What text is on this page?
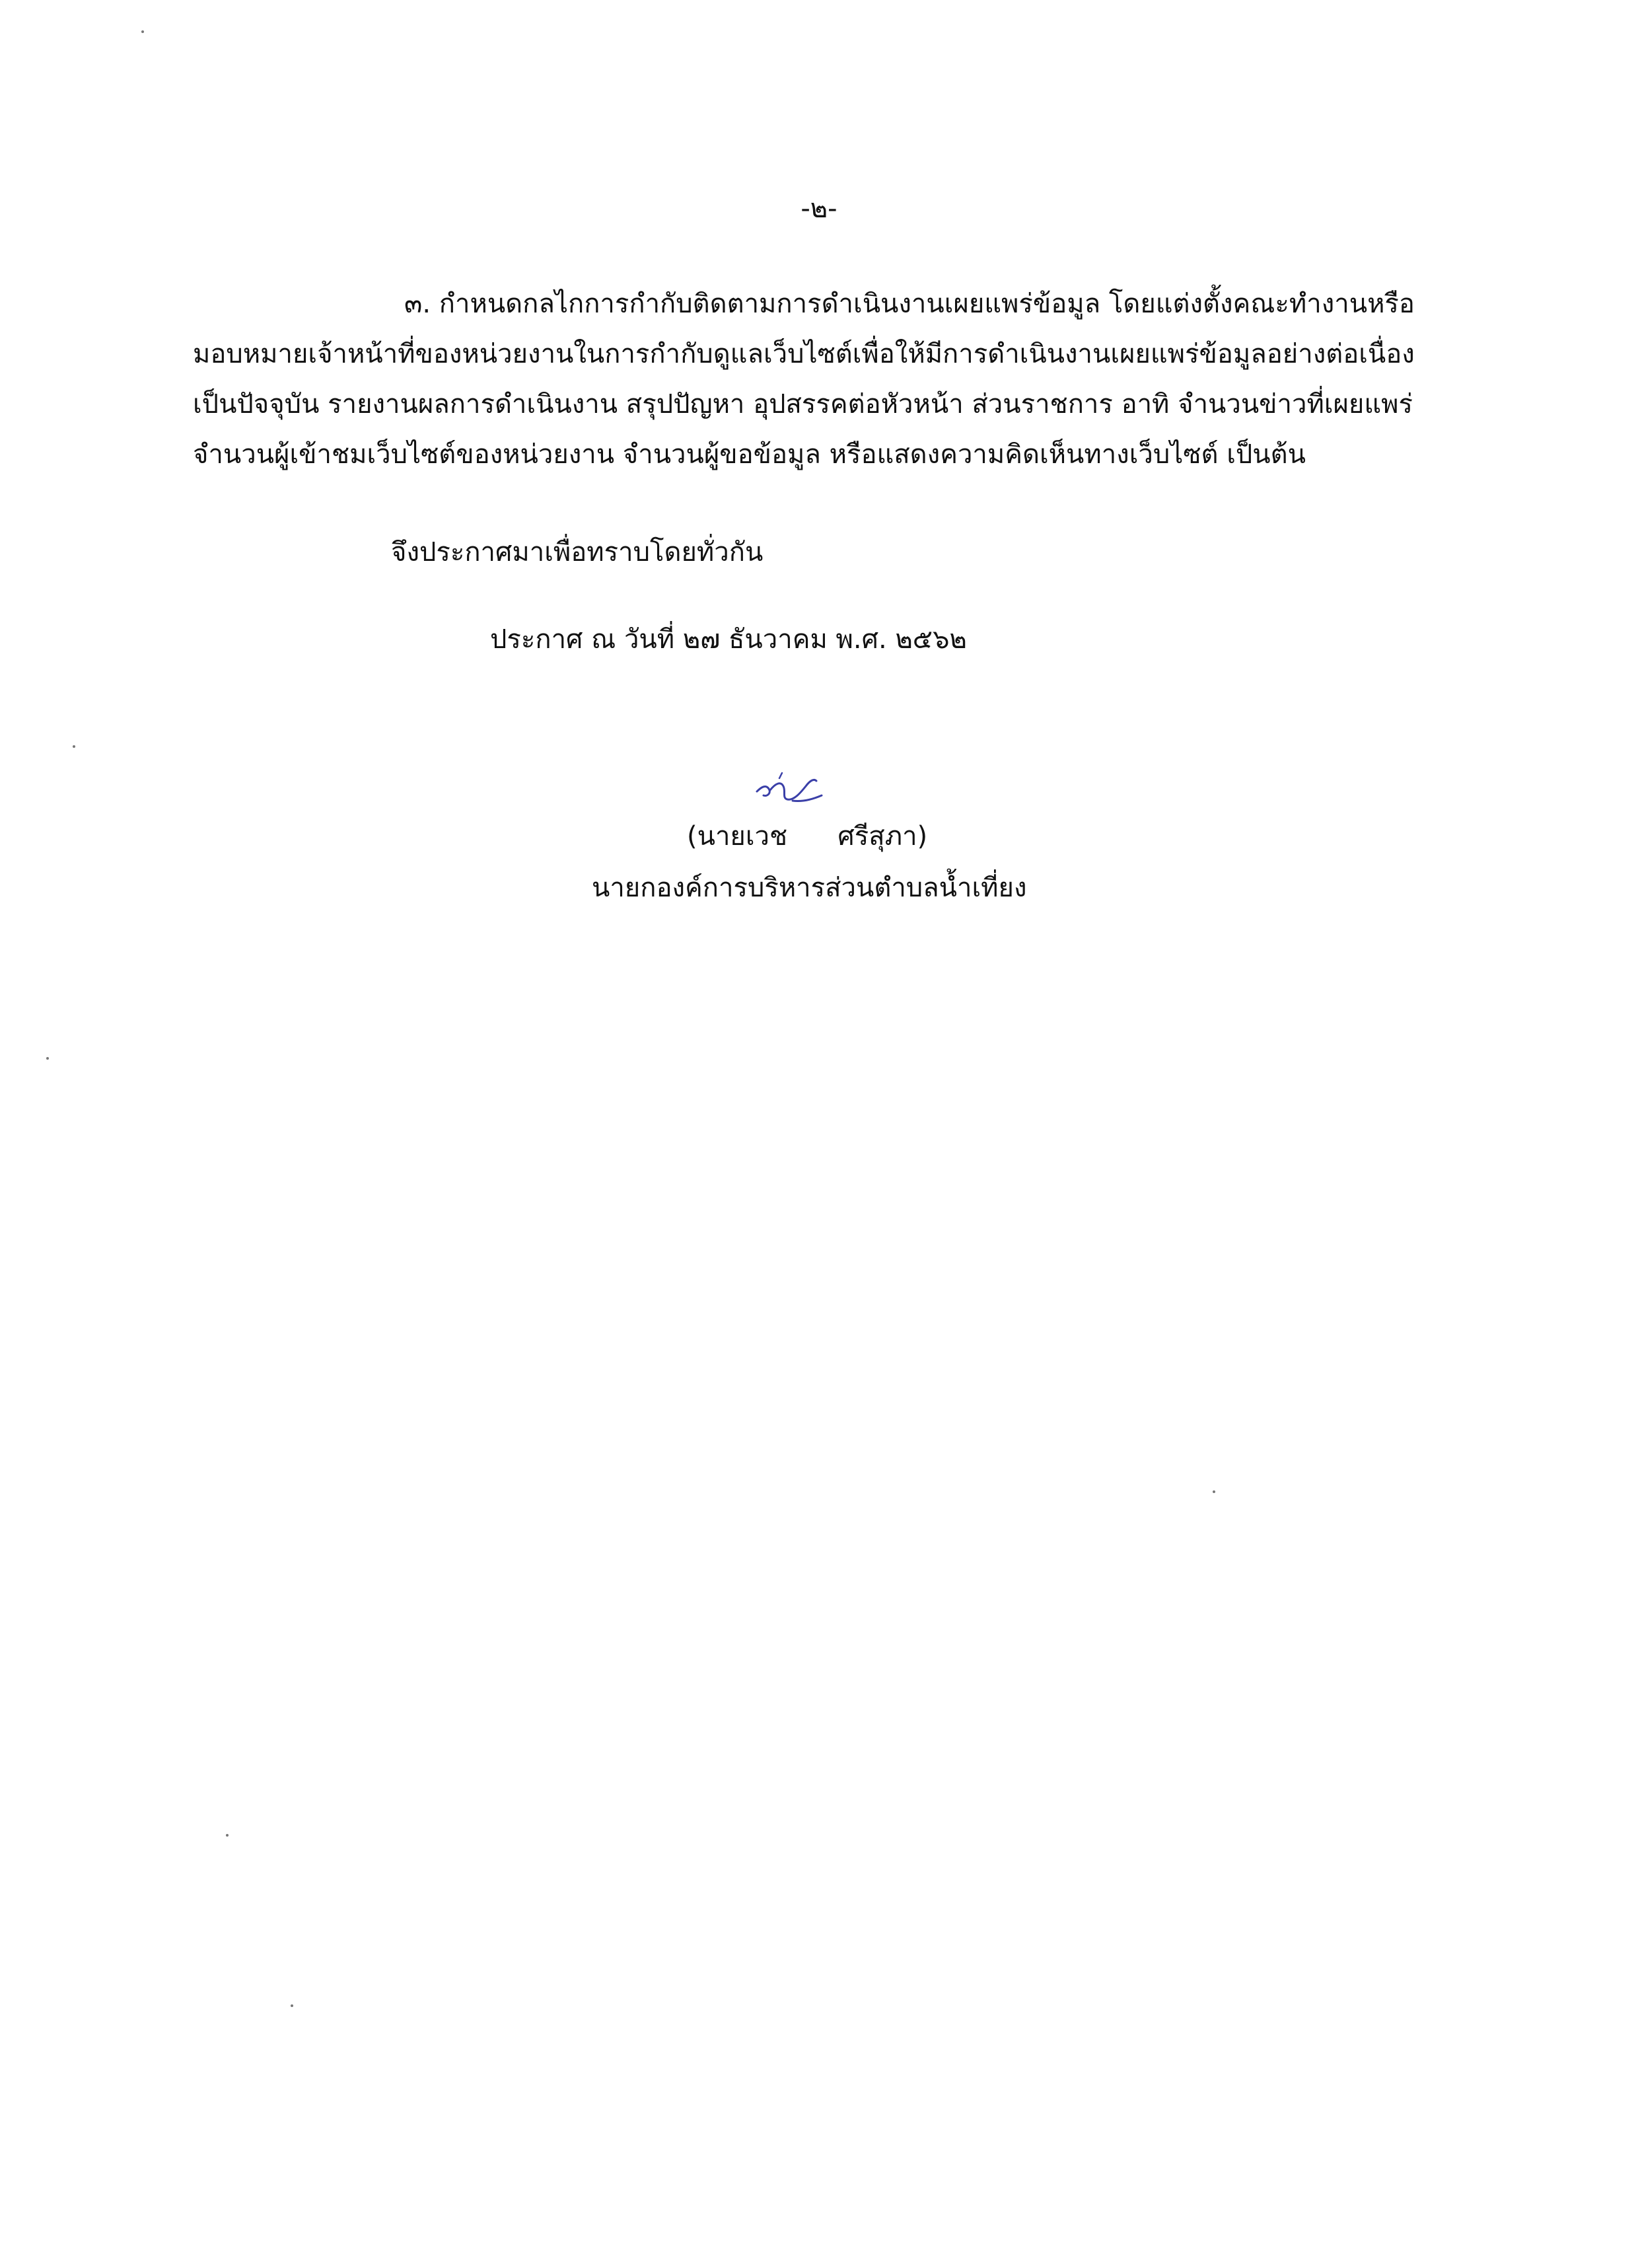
-๒-
๓. กำหนดกลไกการกำกับติดตามการดำเนินงานเผยแพร่ข้อมูล โดยแต่งตั้งคณะทำงานหรือ
มอบหมายเจ้าหน้าที่ของหน่วยงานในการกำกับดูแลเว็บไซต์เพื่อให้มีการดำเนินงานเผยแพร่ข้อมูลอย่างต่อเนื่อง
เป็นปัจจุบัน รายงานผลการดำเนินงาน สรุปปัญหา อุปสรรคต่อหัวหน้า ส่วนราชการ อาทิ จำนวนข่าวที่เผยแพร่
จำนวนผู้เข้าชมเว็บไซต์ของหน่วยงาน จำนวนผู้ขอข้อมูล หรือแสดงความคิดเห็นทางเว็บไซต์ เป็นต้น
จึงประกาศมาเพื่อทราบโดยทั่วกัน
ประกาศ ณ วันที่ ๒๗ ธันวาคม พ.ศ. ๒๕๖๒
(นายเวช      ศรีสุภา)
นายกองค์การบริหารส่วนตำบลน้ำเที่ยง
